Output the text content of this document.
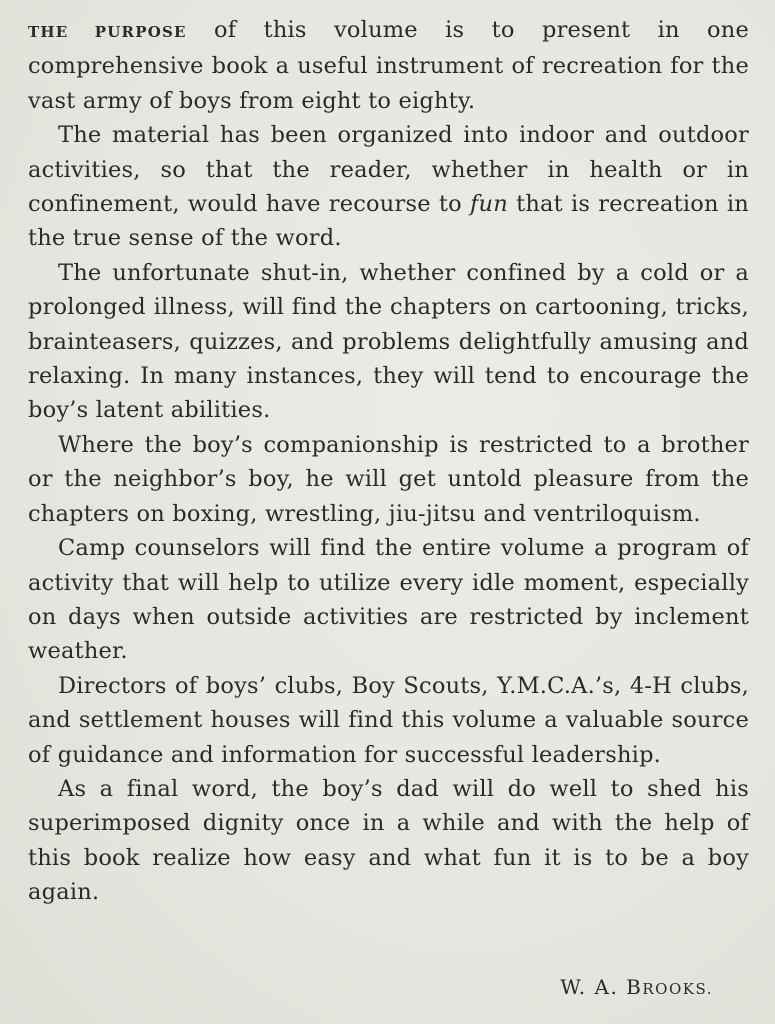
THE PURPOSE of this volume is to present in one comprehensive book a useful instrument of recreation for the vast army of boys from eight to eighty.

The material has been organized into indoor and outdoor activities, so that the reader, whether in health or in confinement, would have recourse to fun that is recreation in the true sense of the word.

The unfortunate shut-in, whether confined by a cold or a prolonged illness, will find the chapters on cartooning, tricks, brainteasers, quizzes, and problems delightfully amusing and relaxing. In many instances, they will tend to encourage the boy’s latent abilities.

Where the boy’s companionship is restricted to a brother or the neighbor’s boy, he will get untold pleasure from the chapters on boxing, wrestling, jiu-jitsu and ventriloquism.

Camp counselors will find the entire volume a program of activity that will help to utilize every idle moment, especially on days when outside activities are restricted by inclement weather.

Directors of boys’ clubs, Boy Scouts, Y.M.C.A.’s, 4-H clubs, and settlement houses will find this volume a valuable source of guidance and information for successful leadership.

As a final word, the boy’s dad will do well to shed his superimposed dignity once in a while and with the help of this book realize how easy and what fun it is to be a boy again.

W. A. BROOKS.
